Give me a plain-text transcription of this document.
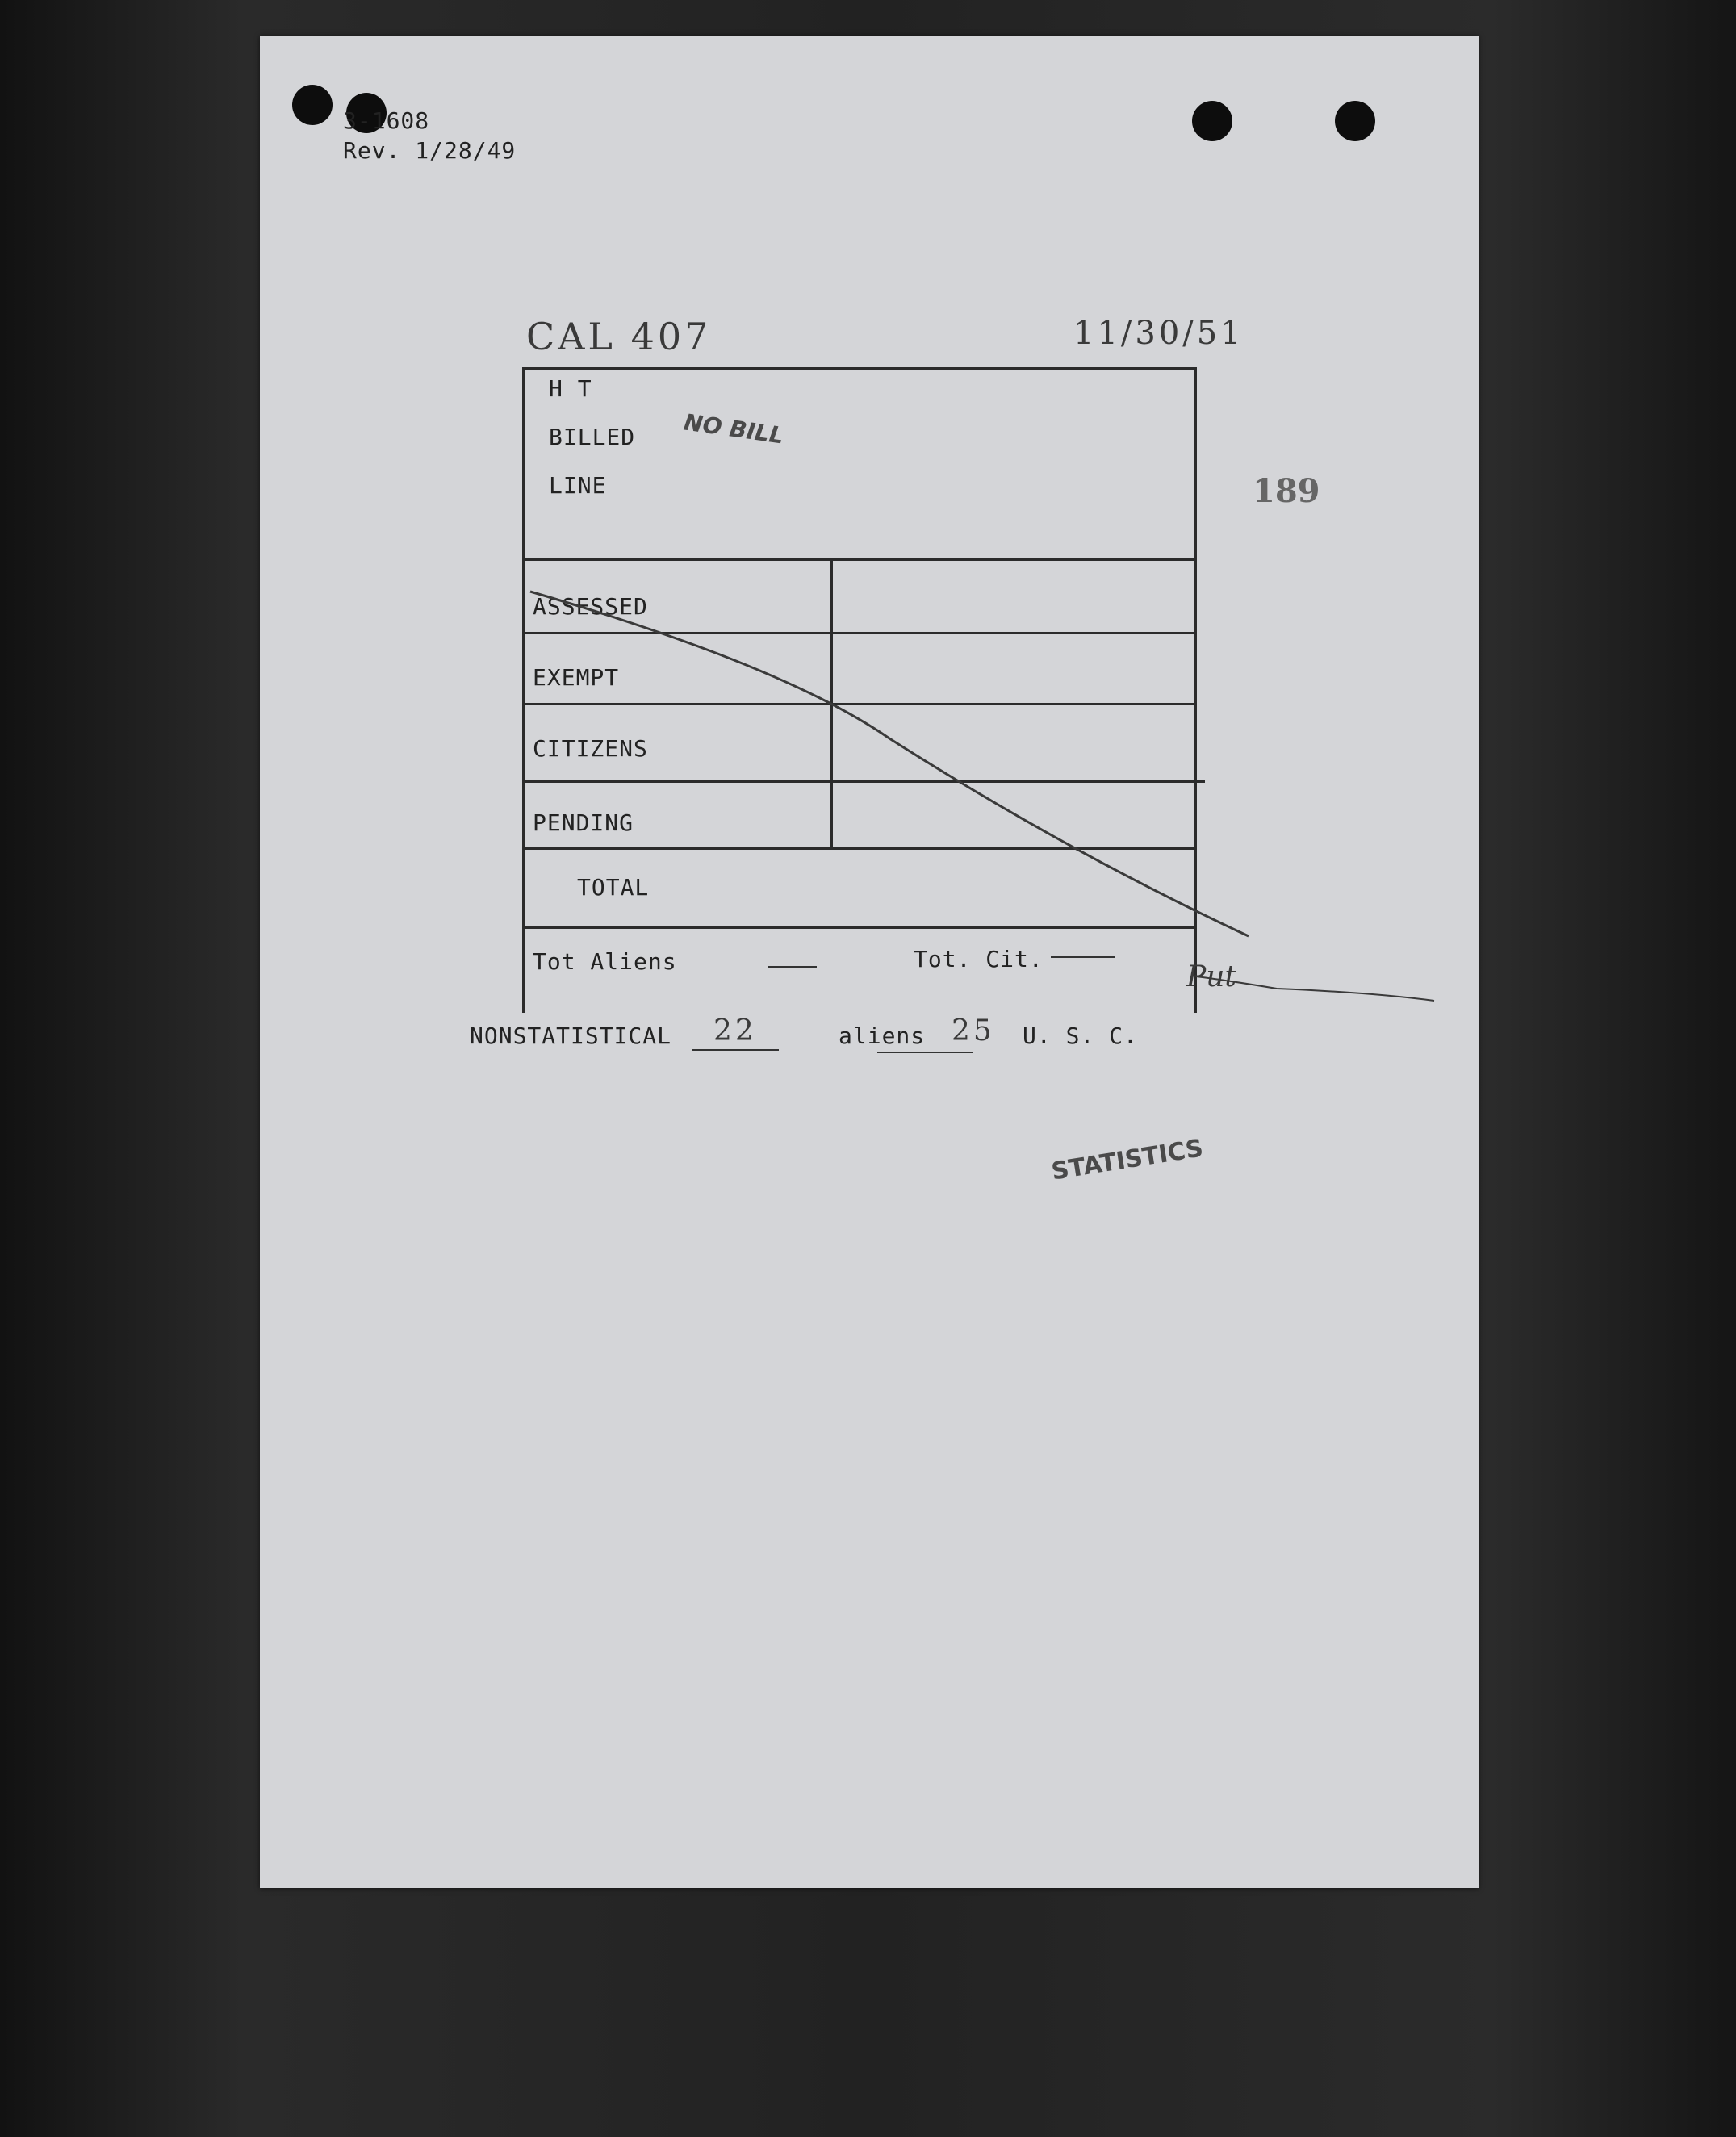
3-1608
Rev. 1/28/49
CAL 407	11/30/51
H T
BILLED
LINE
NO BILL
189
STATISTICS
ASSESSED
EXEMPT
CITIZENS
PENDING
TOTAL
Tot Aliens	Tot. Cit.
Put
NONSTATISTICAL 22	aliens 25 U. S. C.
